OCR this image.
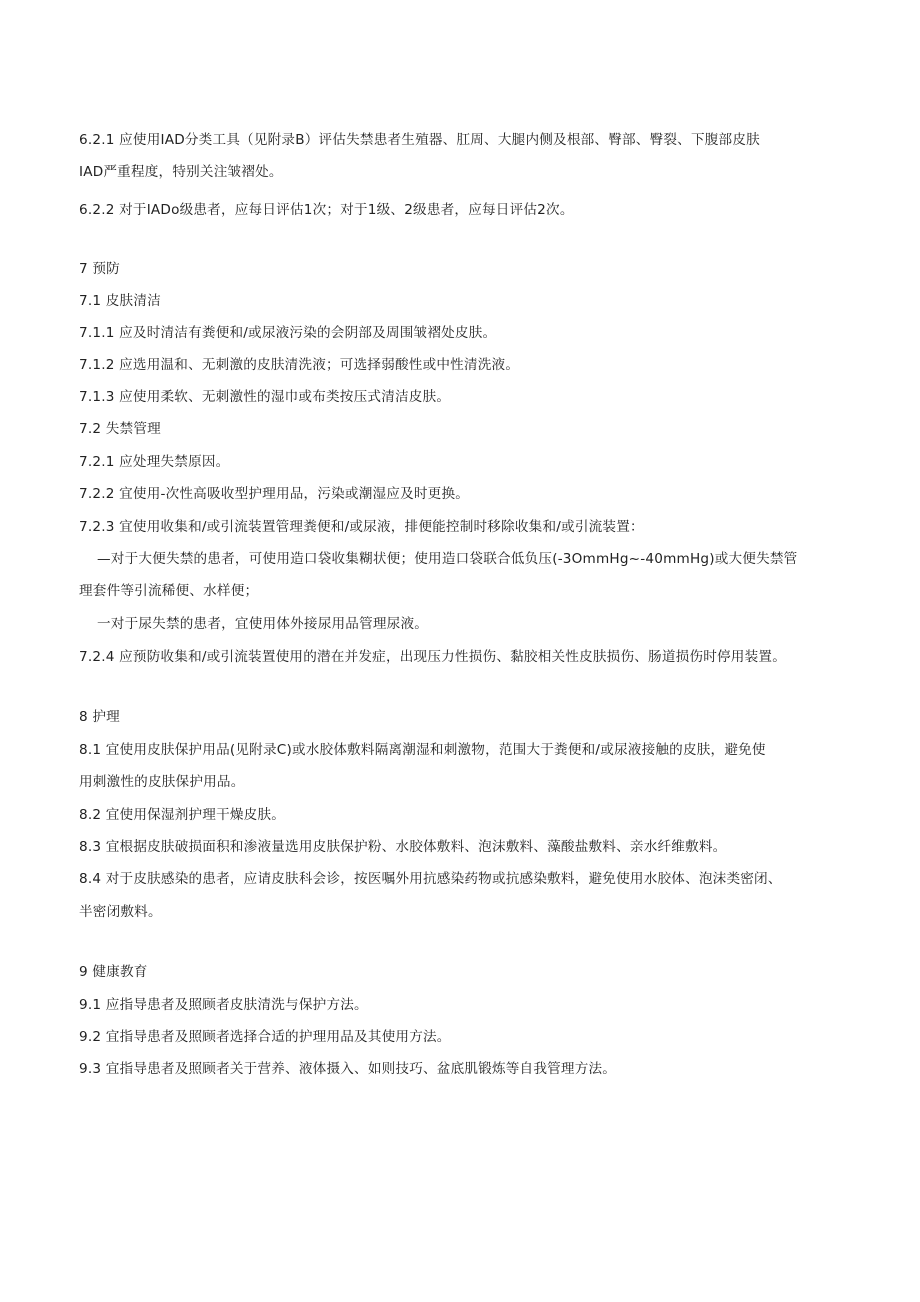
6.2.1 应使用IAD分类工具（见附录B）评估失禁患者生殖器、肛周、大腿内侧及根部、臀部、臀裂、下腹部皮肤
IAD严重程度，特别关注皱褶处。
6.2.2 对于IADo级患者，应每日评估1次；对于1级、2级患者，应每日评估2次。
7 预防
7.1 皮肤清洁
7.1.1 应及时清洁有粪便和/或尿液污染的会阴部及周围皱褶处皮肤。
7.1.2 应选用温和、无刺激的皮肤清洗液；可选择弱酸性或中性清洗液。
7.1.3 应使用柔软、无刺激性的湿巾或布类按压式清洁皮肤。
7.2 失禁管理
7.2.1 应处理失禁原因。
7.2.2 宜使用-次性高吸收型护理用品，污染或潮湿应及时更换。
7.2.3 宜使用收集和/或引流装置管理粪便和/或尿液，排便能控制时移除收集和/或引流装置：
—对于大便失禁的患者，可使用造口袋收集糊状便；使用造口袋联合低负压(-3OmmHg~-40mmHg)或大便失禁管
理套件等引流稀便、水样便；
一对于尿失禁的患者，宜使用体外接尿用品管理尿液。
7.2.4 应预防收集和/或引流装置使用的潜在并发症，出现压力性损伤、黏胶相关性皮肤损伤、肠道损伤时停用装置。
8 护理
8.1 宜使用皮肤保护用品(见附录C)或水胶体敷料隔离潮湿和刺激物，范围大于粪便和/或尿液接触的皮肤，避免使
用刺激性的皮肤保护用品。
8.2 宜使用保湿剂护理干燥皮肤。
8.3 宜根据皮肤破损面积和渗液量选用皮肤保护粉、水胶体敷料、泡沫敷料、藻酸盐敷料、亲水纤维敷料。
8.4 对于皮肤感染的患者，应请皮肤科会诊，按医嘱外用抗感染药物或抗感染敷料，避免使用水胶体、泡沫类密闭、
半密闭敷料。
9 健康教育
9.1 应指导患者及照顾者皮肤清洗与保护方法。
9.2 宜指导患者及照顾者选择合适的护理用品及其使用方法。
9.3 宜指导患者及照顾者关于营养、液体摄入、如则技巧、盆底肌锻炼等自我管理方法。
